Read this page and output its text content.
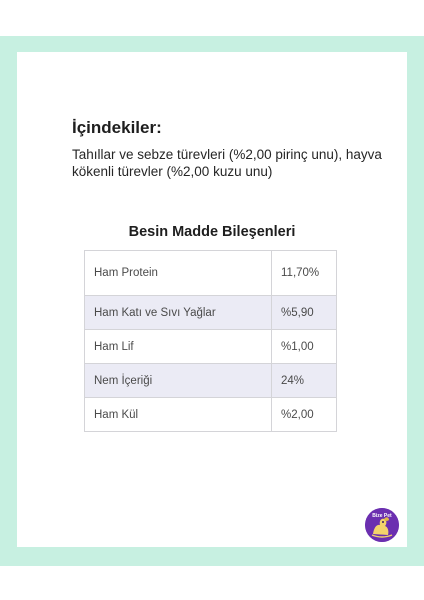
İçindekiler:

Tahıllar ve sebze türevleri (%2,00 pirinç unu), hayva kökenli türevler (%2,00 kuzu unu)

Besin Madde Bileşenleri
Ham Protein	11,70%
Ham Katı ve Sıvı Yağlar	%5,90
Ham Lif	%1,00
Nem İçeriği	24%
Ham Kül	%2,00
Bize Pet
